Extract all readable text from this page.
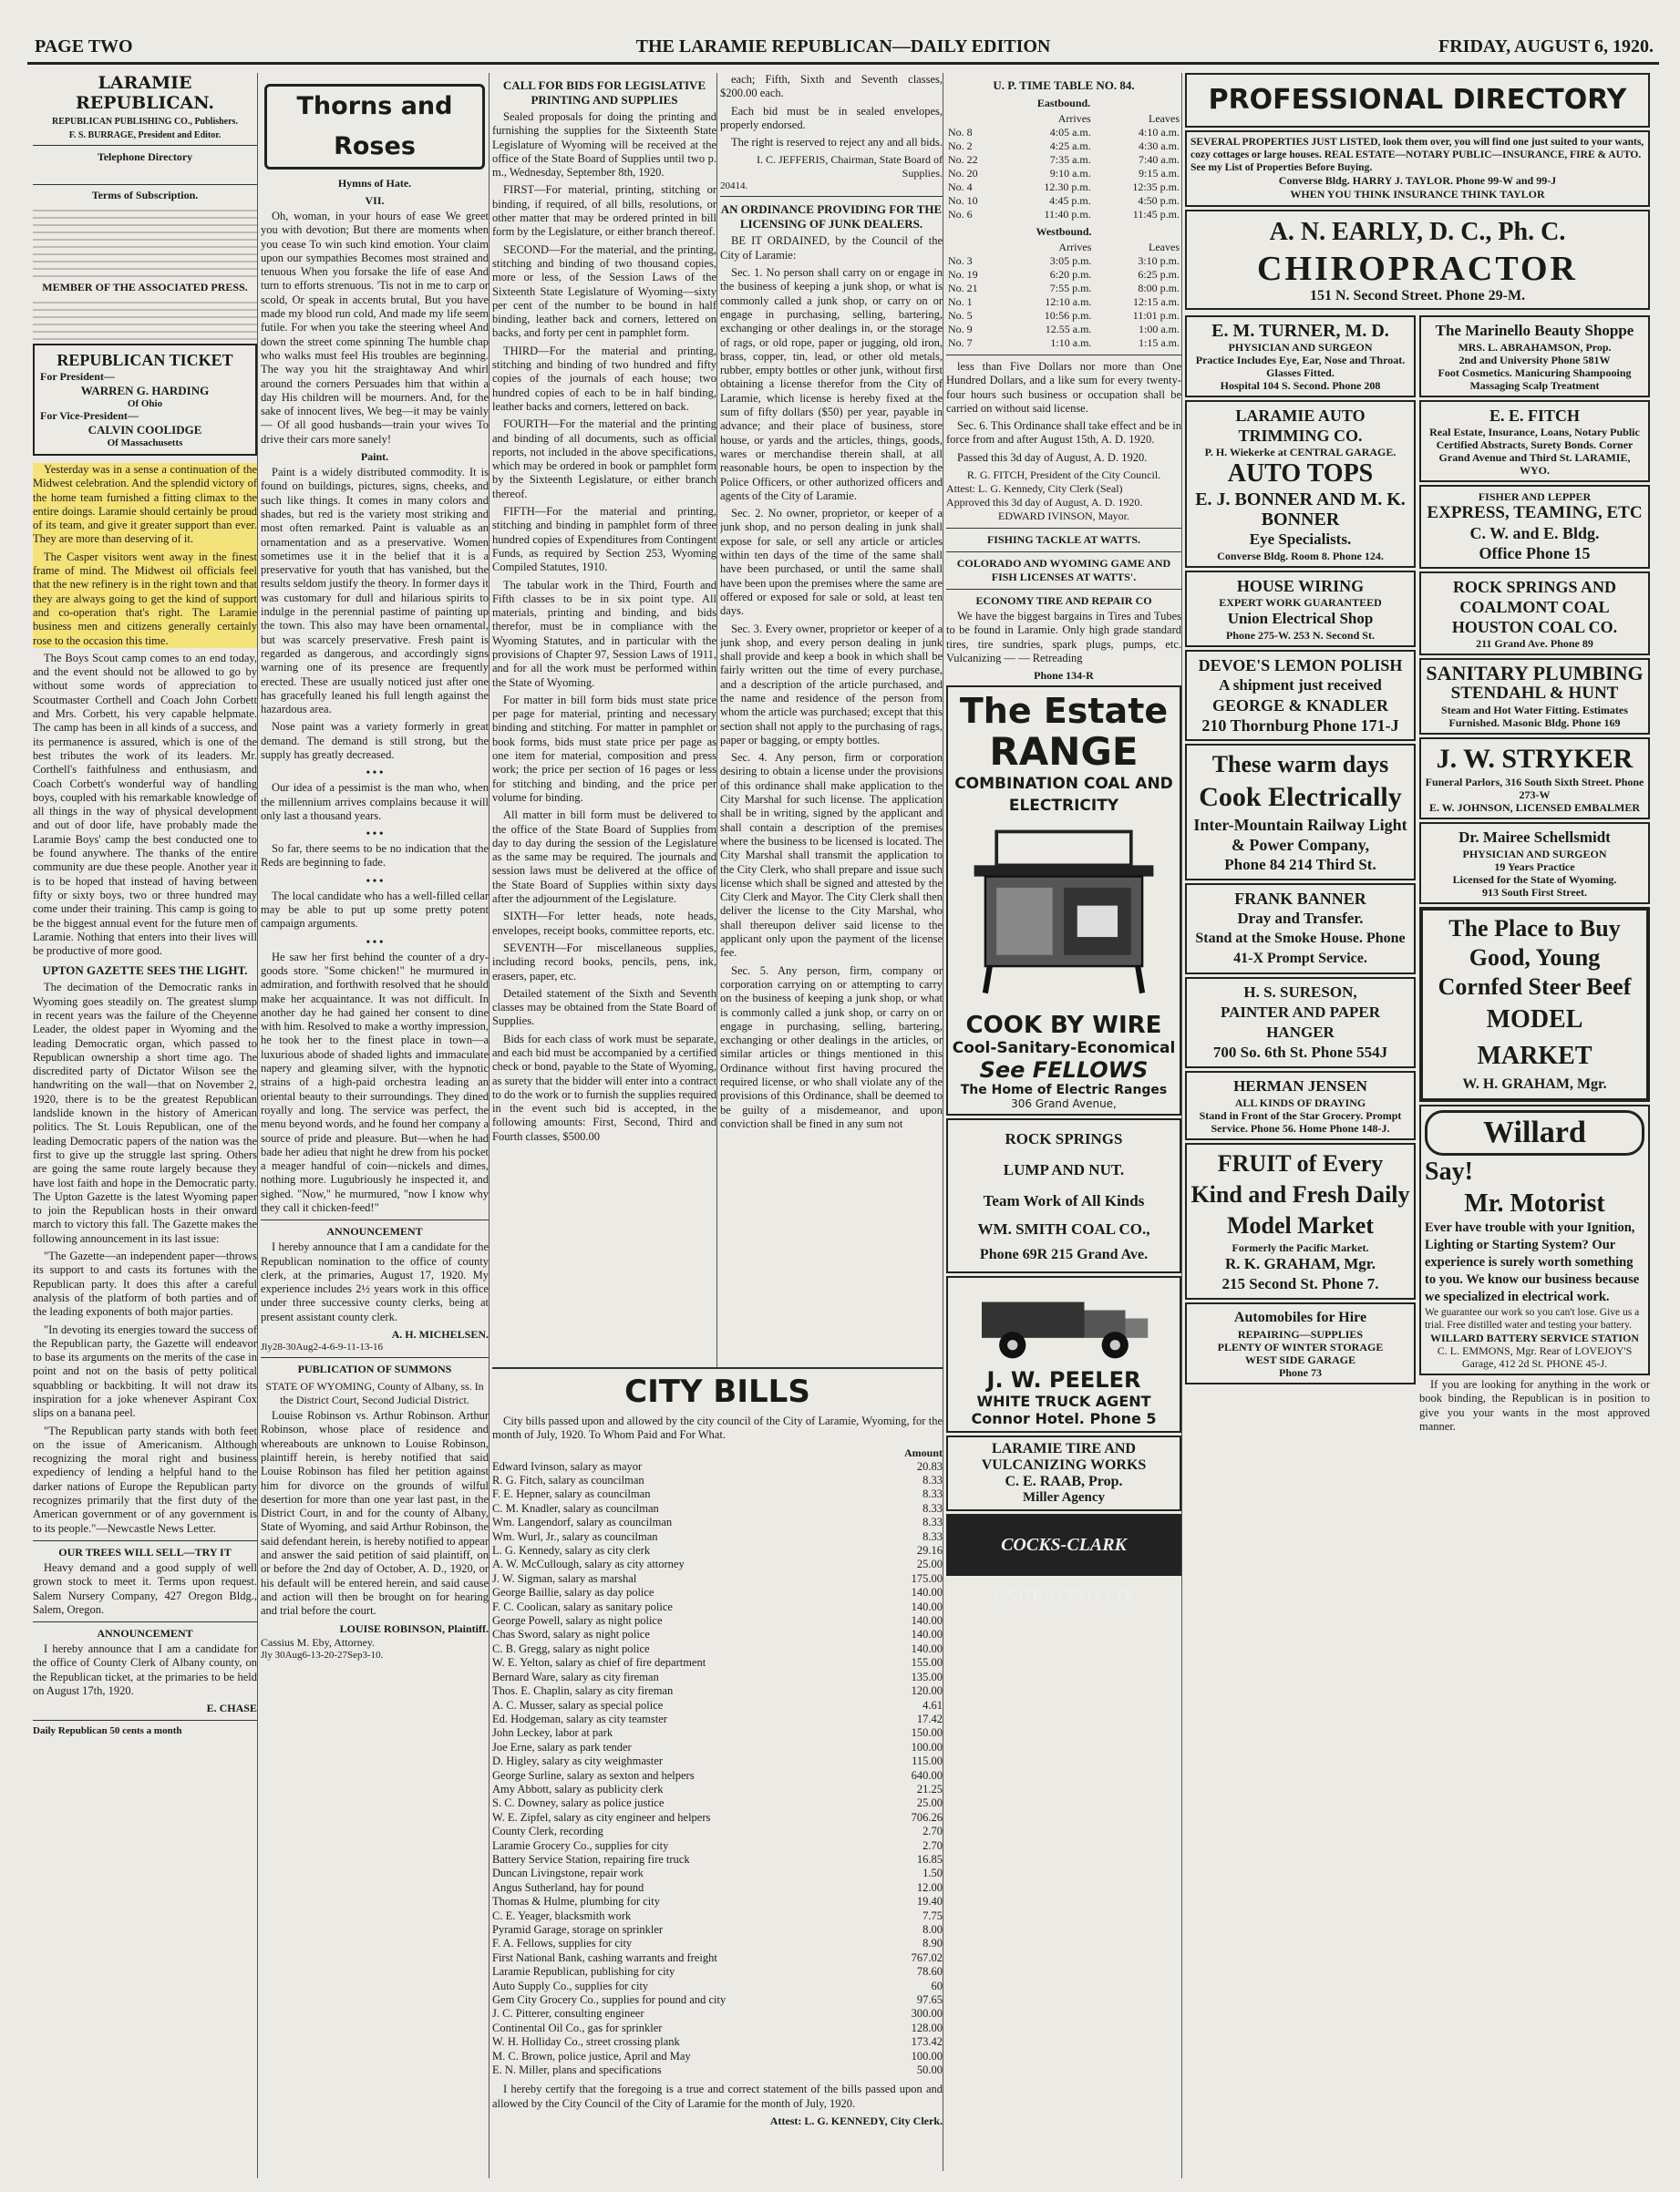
PAGE TWO	THE LARAMIE REPUBLICAN—DAILY EDITION	FRIDAY, AUGUST 6, 1920.
LARAMIE REPUBLICAN.
REPUBLICAN PUBLISHING CO., Publishers.
F. S. BURRAGE, President and Editor.
Telephone Directory
Terms of Subscription.
MEMBER OF THE ASSOCIATED PRESS.
REPUBLICAN TICKET
For President—
WARREN G. HARDING
Of Ohio
For Vice-President—
CALVIN COOLIDGE
Of Massachusetts

Yesterday was in a sense a continuation of the Midwest celebration. And the splendid victory of the home team furnished a fitting climax to the entire doings. Laramie should certainly be proud of its team, and give it greater support than ever. They are more than deserving of it.

The Casper visitors went away in the finest frame of mind. The Midwest oil officials feel that the new refinery is in the right town and that they are always going to get the kind of support and co-operation that's right. The Laramie business men and citizens generally certainly rose to the occasion this time.

The Boys Scout camp comes to an end today, and the event should not be allowed to go by without some words of appreciation to Scoutmaster Corthell and Coach John Corbett and Mrs. Corbett, his very capable helpmate. The camp has been in all kinds of a success, and its permanence is assured, which is one of the best tributes the work of its leaders. Mr. Corthell's faithfulness and enthusiasm, and Coach Corbett's wonderful way of handling boys, coupled with his remarkable knowledge of all things in the way of physical development and out of door life, have probably made the Laramie Boys' camp the best conducted one to be found anywhere. The thanks of the entire community are due these people. Another year it is to be hoped that instead of having between fifty or sixty boys, two or three hundred may come under their training. This camp is going to be the biggest annual event for the future men of Laramie. Nothing that enters into their lives will be productive of more good.

UPTON GAZETTE SEES THE LIGHT.

The decimation of the Democratic ranks in Wyoming goes steadily on. The greatest slump in recent years was the failure of the Cheyenne Leader, the oldest paper in Wyoming and the leading Democratic organ, which passed to Republican ownership a short time ago. The discredited party of Dictator Wilson see the handwriting on the wall—that on November 2, 1920, there is to be the greatest Republican landslide known in the history of American politics. The St. Louis Republican, one of the leading Democratic papers of the nation was the first to give up the struggle last spring. Others are going the same route largely because they have lost faith and hope in the Democratic party. The Upton Gazette is the latest Wyoming paper to join the Republican hosts in their onward march to victory this fall. The Gazette makes the following announcement in its last issue:

"The Gazette—an independent paper—throws its support to and casts its fortunes with the Republican party. It does this after a careful analysis of the platform of both parties and of the leading exponents of both major parties.

"In devoting its energies toward the success of the Republican party, the Gazette will endeavor to base its arguments on the merits of the case in point and not on the basis of petty political squabbling or backbiting. It will not draw its inspiration for a joke whenever Aspirant Cox slips on a banana peel.

"The Republican party stands with both feet on the issue of Americanism. Although recognizing the moral right and business expediency of lending a helpful hand to the darker nations of Europe the Republican party recognizes primarily that the first duty of the American government or of any government is to its people."—Newcastle News Letter.

OUR TREES WILL SELL—TRY IT

Heavy demand and a good supply of well grown stock to meet it. Terms upon request. Salem Nursery Company, 427 Oregon Bldg., Salem, Oregon.

ANNOUNCEMENT

I hereby announce that I am a candidate for the office of County Clerk of Albany county, on the Republican ticket, at the primaries to be held on August 17th, 1920.

E. CHASE
Daily Republican 50 cents a month
Thorns and Roses
Hymns of Hate.
VII.

Oh, woman, in your hours of ease We greet you with devotion; But there are moments when you cease To win such kind emotion. Your claim upon our sympathies Becomes most strained and tenuous When you forsake the life of ease And turn to efforts strenuous. 'Tis not in me to carp or scold, Or speak in accents brutal, But you have made my blood run cold, And made my life seem futile. For when you take the steering wheel And down the street come spinning The humble chap who walks must feel His troubles are beginning. The way you hit the straightaway And whirl around the corners Persuades him that within a day His children will be mourners. And, for the sake of innocent lives, We beg—it may be vainly— Of all good husbands—train your wives To drive their cars more sanely!

Paint.

Paint is a widely distributed commodity. It is found on buildings, pictures, signs, cheeks, and such like things. It comes in many colors and shades, but red is the variety most striking and most often remarked. Paint is valuable as an ornamentation and as a preservative. Women sometimes use it in the belief that it is a preservative for youth that has vanished, but the results seldom justify the theory. In former days it was customary for dull and hilarious spirits to indulge in the perennial pastime of painting up the town. This also may have been ornamental, but was scarcely preservative. Fresh paint is regarded as dangerous, and accordingly signs warning one of its presence are frequently erected. These are usually noticed just after one has gracefully leaned his full length against the hazardous area.

Nose paint was a variety formerly in great demand. The demand is still strong, but the supply has greatly decreased.

• • •

Our idea of a pessimist is the man who, when the millennium arrives complains because it will only last a thousand years.

• • •

So far, there seems to be no indication that the Reds are beginning to fade.

• • •

The local candidate who has a well-filled cellar may be able to put up some pretty potent campaign arguments.

• • •

He saw her first behind the counter of a dry-goods store. "Some chicken!" he murmured in admiration, and forthwith resolved that he should make her acquaintance. It was not difficult. In another day he had gained her consent to dine with him. Resolved to make a worthy impression, he took her to the finest place in town—a luxurious abode of shaded lights and immaculate napery and gleaming silver, with the hypnotic strains of a high-paid orchestra leading an oriental beauty to their surroundings. They dined royally and long. The service was perfect, the menu beyond words, and he found her company a source of pride and pleasure. But—when he had bade her adieu that night he drew from his pocket a meager handful of coin—nickels and dimes, nothing more. Lugubriously he inspected it, and sighed. "Now," he murmured, "now I know why they call it chicken-feed!"

ANNOUNCEMENT

I hereby announce that I am a candidate for the Republican nomination to the office of county clerk, at the primaries, August 17, 1920. My experience includes 2½ years work in this office under three successive county clerks, being at present assistant county clerk.

A. H. MICHELSEN.
Jly28-30Aug2-4-6-9-11-13-16
PUBLICATION OF SUMMONS
STATE OF WYOMING, County of Albany, ss. In the District Court, Second Judicial District.

Louise Robinson vs. Arthur Robinson. Arthur Robinson, whose place of residence and whereabouts are unknown to Louise Robinson, plaintiff herein, is hereby notified that said Louise Robinson has filed her petition against him for divorce on the grounds of wilful desertion for more than one year last past, in the District Court, in and for the county of Albany, State of Wyoming, and said Arthur Robinson, the said defendant herein, is hereby notified to appear and answer the said petition of said plaintiff, on or before the 2nd day of October, A. D., 1920, or his default will be entered herein, and said cause and action will then be brought on for hearing and trial before the court.

LOUISE ROBINSON, Plaintiff.
Cassius M. Eby, Attorney.
Jly 30Aug6-13-20-27Sep3-10.
CALL FOR BIDS FOR LEGISLATIVE PRINTING AND SUPPLIES

Sealed proposals for doing the printing and furnishing the supplies for the Sixteenth State Legislature of Wyoming will be received at the office of the State Board of Supplies until two p. m., Wednesday, September 8th, 1920.

FIRST—For material, printing, stitching or binding, if required, of all bills, resolutions, or other matter that may be ordered printed in bill form by the Legislature, or either branch thereof.

SECOND—For the material, and the printing, stitching and binding of two thousand copies, more or less, of the Session Laws of the Sixteenth State Legislature of Wyoming—sixty per cent of the number to be bound in half binding, leather back and corners, lettered on backs, and forty per cent in pamphlet form.

THIRD—For the material and printing, stitching and binding of two hundred and fifty copies of the journals of each house; two hundred copies of each to be in half binding, leather backs and corners, lettered on back.

FOURTH—For the material and the printing and binding of all documents, such as official reports, not included in the above specifications, which may be ordered in book or pamphlet form by the Sixteenth Legislature, or either branch thereof.

FIFTH—For the material and printing, stitching and binding in pamphlet form of three hundred copies of Expenditures from Contingent Funds, as required by Section 253, Wyoming Compiled Statutes, 1910.

The tabular work in the Third, Fourth and Fifth classes to be in six point type. All materials, printing and binding, and bids therefor, must be in compliance with the Wyoming Statutes, and in particular with the provisions of Chapter 97, Session Laws of 1911, and for all the work must be performed within the State of Wyoming.

For matter in bill form bids must state price per page for material, printing and necessary binding and stitching. For matter in pamphlet or book forms, bids must state price per page as one item for material, composition and press work; the price per section of 16 pages or less for stitching and binding, and the price per volume for binding.

All matter in bill form must be delivered to the office of the State Board of Supplies from day to day during the session of the Legislature as the same may be required. The journals and session laws must be delivered at the office of the State Board of Supplies within sixty days after the adjournment of the Legislature.

SIXTH—For letter heads, note heads, envelopes, receipt books, committee reports, etc.

SEVENTH—For miscellaneous supplies, including record books, pencils, pens, ink, erasers, paper, etc.

Detailed statement of the Sixth and Seventh classes may be obtained from the State Board of Supplies.

Bids for each class of work must be separate, and each bid must be accompanied by a certified check or bond, payable to the State of Wyoming, as surety that the bidder will enter into a contract to do the work or to furnish the supplies required in the event such bid is accepted, in the following amounts: First, Second, Third and Fourth classes, $500.00

each; Fifth, Sixth and Seventh classes, $200.00 each.

Each bid must be in sealed envelopes, properly endorsed.

The right is reserved to reject any and all bids.

I. C. JEFFERIS, Chairman, State Board of Supplies.
20414.
AN ORDINANCE PROVIDING FOR THE LICENSING OF JUNK DEALERS.

BE IT ORDAINED, by the Council of the City of Laramie:

Sec. 1. No person shall carry on or engage in the business of keeping a junk shop, or what is commonly called a junk shop, or carry on or engage in purchasing, selling, bartering, exchanging or other dealings in, or the storage of rags, or old rope, paper or jugging, old iron, brass, copper, tin, lead, or other old metals, rubber, empty bottles or other junk, without first obtaining a license therefor from the City of Laramie, which license is hereby fixed at the sum of fifty dollars ($50) per year, payable in advance; and their place of business, store house, or yards and the articles, things, goods, wares or merchandise therein shall, at all reasonable hours, be open to inspection by the Police Officers, or other authorized officers and agents of the City of Laramie.

Sec. 2. No owner, proprietor, or keeper of a junk shop, and no person dealing in junk shall expose for sale, or sell any article or articles within ten days of the time of the same shall have been purchased, or until the same shall have been upon the premises where the same are offered or exposed for sale or sold, at least ten days.

Sec. 3. Every owner, proprietor or keeper of a junk shop, and every person dealing in junk shall provide and keep a book in which shall be fairly written out the time of every purchase, and a description of the article purchased, and the name and residence of the person from whom the article was purchased; except that this section shall not apply to the purchasing of rags, paper or bagging, or empty bottles.

Sec. 4. Any person, firm or corporation desiring to obtain a license under the provisions of this ordinance shall make application to the City Marshal for such license. The application shall be in writing, signed by the applicant and shall contain a description of the premises where the business to be licensed is located. The City Marshal shall transmit the application to the City Clerk, who shall prepare and issue such license which shall be signed and attested by the City Clerk and Mayor. The City Clerk shall then deliver the license to the City Marshal, who shall thereupon deliver said license to the applicant only upon the payment of the license fee.

Sec. 5. Any person, firm, company or corporation carrying on or attempting to carry on the business of keeping a junk shop, or what is commonly called a junk shop, or carry on or engage in purchasing, selling, bartering, exchanging or other dealings in the articles, or similar articles or things mentioned in this Ordinance without first having procured the required license, or who shall violate any of the provisions of this Ordinance, shall be deemed to be guilty of a misdemeanor, and upon conviction shall be fined in any sum not

CITY BILLS

City bills passed upon and allowed by the city council of the City of Laramie, Wyoming, for the month of July, 1920. To Whom Paid and For What.

Amount
Edward Ivinson, salary as mayor	20.83
R. G. Fitch, salary as councilman	8.33
F. E. Hepner, salary as councilman	8.33
C. M. Knadler, salary as councilman	8.33
Wm. Langendorf, salary as councilman	8.33
Wm. Wurl, Jr., salary as councilman	8.33
L. G. Kennedy, salary as city clerk	29.16
A. W. McCullough, salary as city attorney	25.00
J. W. Sigman, salary as marshal	175.00
George Baillie, salary as day police	140.00
F. C. Coolican, salary as sanitary police	140.00
George Powell, salary as night police	140.00
Chas Sword, salary as night police	140.00
C. B. Gregg, salary as night police	140.00
W. E. Yelton, salary as chief of fire department	155.00
Bernard Ware, salary as city fireman	135.00
Thos. E. Chaplin, salary as city fireman	120.00
A. C. Musser, salary as special police	4.61
Ed. Hodgeman, salary as city teamster	17.42
John Leckey, labor at park	150.00
Joe Erne, salary as park tender	100.00
D. Higley, salary as city weighmaster	115.00
George Surline, salary as sexton and helpers	640.00
Amy Abbott, salary as publicity clerk	21.25
S. C. Downey, salary as police justice	25.00
W. E. Zipfel, salary as city engineer and helpers	706.26
County Clerk, recording	2.70
Laramie Grocery Co., supplies for city	2.70
Battery Service Station, repairing fire truck	16.85
Duncan Livingstone, repair work	1.50
Angus Sutherland, hay for pound	12.00
Thomas & Hulme, plumbing for city	19.40
C. E. Yeager, blacksmith work	7.75
Pyramid Garage, storage on sprinkler	8.00
F. A. Fellows, supplies for city	8.90
First National Bank, cashing warrants and freight	767.02
Laramie Republican, publishing for city	78.60
Auto Supply Co., supplies for city	60
Gem City Grocery Co., supplies for pound and city	97.65
J. C. Pitterer, consulting engineer	300.00
Continental Oil Co., gas for sprinkler	128.00
W. H. Holliday Co., street crossing plank	173.42
M. C. Brown, police justice, April and May	100.00
E. N. Miller, plans and specifications	50.00

I hereby certify that the foregoing is a true and correct statement of the bills passed upon and allowed by the City Council of the City of Laramie for the month of July, 1920.

Attest: L. G. KENNEDY, City Clerk.
U. P. TIME TABLE NO. 84.
Eastbound.
	Arrives	Leaves
No. 8	4:05 a.m.	4:10 a.m.
No. 2	4:25 a.m.	4:30 a.m.
No. 22	7:35 a.m.	7:40 a.m.
No. 20	9:10 a.m.	9:15 a.m.
No. 4	12.30 p.m.	12:35 p.m.
No. 10	4:45 p.m.	4:50 p.m.
No. 6	11:40 p.m.	11:45 p.m.
Westbound.
	Arrives	Leaves
No. 3	3:05 p.m.	3:10 p.m.
No. 19	6:20 p.m.	6:25 p.m.
No. 21	7:55 p.m.	8:00 p.m.
No. 1	12:10 a.m.	12:15 a.m.
No. 5	10:56 p.m.	11:01 p.m.
No. 9	12.55 a.m.	1:00 a.m.
No. 7	1:10 a.m.	1:15 a.m.

less than Five Dollars nor more than One Hundred Dollars, and a like sum for every twenty-four hours such business or occupation shall be carried on without said license.

Sec. 6. This Ordinance shall take effect and be in force from and after August 15th, A. D. 1920.

Passed this 3d day of August, A. D. 1920.

R. G. FITCH, President of the City Council.
Attest: L. G. Kennedy, City Clerk (Seal)
Approved this 3d day of August, A. D. 1920.
EDWARD IVINSON, Mayor.
FISHING TACKLE AT WATTS.
COLORADO AND WYOMING GAME AND FISH LICENSES AT WATTS'.
ECONOMY TIRE AND REPAIR CO

We have the biggest bargains in Tires and Tubes to be found in Laramie. Only high grade standard tires, tire sundries, spark plugs, pumps, etc. Vulcanizing — — Retreading

Phone 134-R
The Estate
RANGE
COMBINATION COAL AND ELECTRICITY
COOK BY WIRE
Cool-Sanitary-Economical
See FELLOWS
The Home of Electric Ranges
306 Grand Avenue,
ROCK SPRINGS
LUMP AND NUT.
Team Work of All Kinds
WM. SMITH COAL CO.,
Phone 69R 215 Grand Ave.
J. W. PEELER
WHITE TRUCK AGENT
Connor Hotel. Phone 5
LARAMIE TIRE AND VULCANIZING WORKS
C. E. RAAB, Prop.
Miller Agency
COCKS-CLARK ENGRAVING CO.
PROFESSIONAL DIRECTORY
SEVERAL PROPERTIES JUST LISTED, look them over, you will find one just suited to your wants, cozy cottages or large houses. REAL ESTATE—NOTARY PUBLIC—INSURANCE, FIRE & AUTO. See my List of Properties Before Buying.
Converse Bldg. HARRY J. TAYLOR. Phone 99-W and 99-J
WHEN YOU THINK INSURANCE THINK TAYLOR
A. N. EARLY, D. C., Ph. C.
CHIROPRACTOR
151 N. Second Street. Phone 29-M.
E. M. TURNER, M. D.
PHYSICIAN AND SURGEON
Practice Includes Eye, Ear, Nose and Throat. Glasses Fitted.
Hospital 104 S. Second. Phone 208
LARAMIE AUTO TRIMMING CO.
P. H. Wiekerke at CENTRAL GARAGE.
AUTO TOPS
E. J. BONNER AND M. K. BONNER
Eye Specialists.
Converse Bldg. Room 8. Phone 124.
HOUSE WIRING
EXPERT WORK GUARANTEED
Union Electrical Shop
Phone 275-W. 253 N. Second St.
DEVOE'S LEMON POLISH
A shipment just received
GEORGE & KNADLER
210 Thornburg Phone 171-J
These warm days
Cook Electrically
Inter-Mountain Railway Light & Power Company,
Phone 84 214 Third St.
FRANK BANNER
Dray and Transfer.
Stand at the Smoke House. Phone 41-X Prompt Service.
H. S. SURESON,
PAINTER AND PAPER HANGER
700 So. 6th St. Phone 554J
HERMAN JENSEN
ALL KINDS OF DRAYING
Stand in Front of the Star Grocery. Prompt Service. Phone 56. Home Phone 148-J.
FRUIT of Every Kind and Fresh Daily
Model Market
Formerly the Pacific Market.
R. K. GRAHAM, Mgr.
215 Second St. Phone 7.
Automobiles for Hire
REPAIRING—SUPPLIES
PLENTY OF WINTER STORAGE
WEST SIDE GARAGE
Phone 73
The Marinello Beauty Shoppe
MRS. L. ABRAHAMSON, Prop.
2nd and University Phone 581W
Foot Cosmetics. Manicuring Shampooing Massaging Scalp Treatment
E. E. FITCH
Real Estate, Insurance, Loans, Notary Public
Certified Abstracts, Surety Bonds. Corner Grand Avenue and Third St. LARAMIE, WYO.
FISHER AND LEPPER
EXPRESS, TEAMING, ETC
C. W. and E. Bldg.
Office Phone 15
ROCK SPRINGS AND COALMONT COAL
HOUSTON COAL CO.
211 Grand Ave. Phone 89
SANITARY PLUMBING
STENDAHL & HUNT
Steam and Hot Water Fitting. Estimates Furnished. Masonic Bldg. Phone 169
J. W. STRYKER
Funeral Parlors, 316 South Sixth Street. Phone 273-W
E. W. JOHNSON, LICENSED EMBALMER
Dr. Mairee Schellsmidt
PHYSICIAN AND SURGEON
19 Years Practice
Licensed for the State of Wyoming.
913 South First Street.
The Place to Buy
Good, Young Cornfed Steer Beef
MODEL MARKET
W. H. GRAHAM, Mgr.
Willard
Say!
Mr. Motorist
Ever have trouble with your Ignition, Lighting or Starting System? Our experience is surely worth something to you. We know our business because we specialized in electrical work.
We guarantee our work so you can't lose. Give us a trial. Free distilled water and testing your battery.
WILLARD BATTERY SERVICE STATION
C. L. EMMONS, Mgr. Rear of LOVEJOY'S Garage, 412 2d St. PHONE 45-J.

If you are looking for anything in the work or book binding, the Republican is in position to give you your wants in the most approved manner.
